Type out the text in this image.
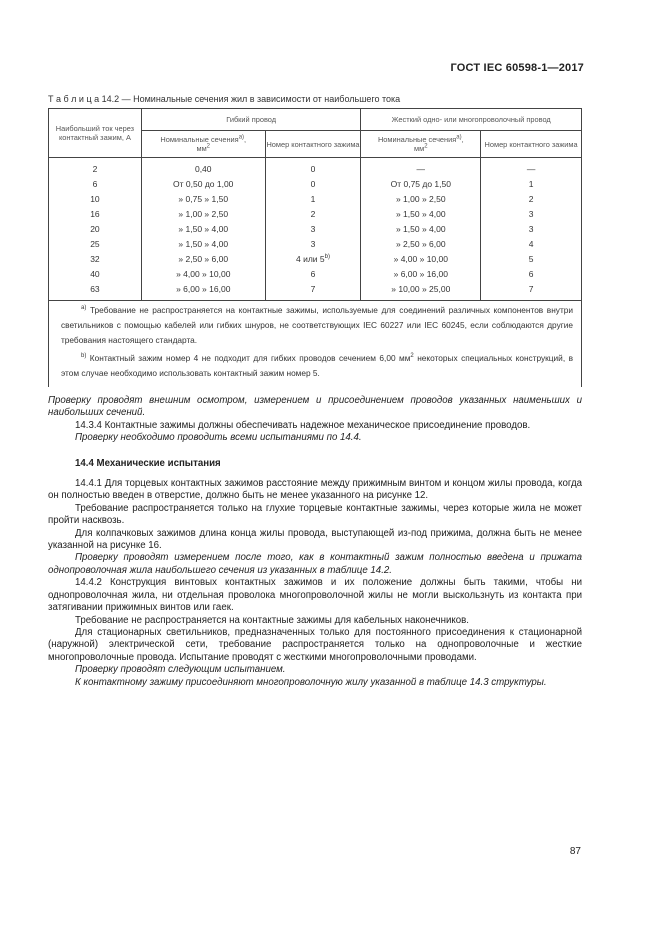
ГОСТ IEC 60598-1—2017
Т а б л и ц а 14.2 — Номинальные сечения жил в зависимости от наибольшего тока
Наибольший ток через контактный зажим, А	Гибкий провод		Жесткий одно- или многопроволочный провод	
	Номинальные сечения$^{а)}$,
$мм^2$	Номер контактного зажима	Номинальные сечения$^{а)}$,
$мм^2$	Номер контактного зажима
2	0,40	0	—	—
6	От 0,50 до 1,00	0	От 0,75 до 1,50	1
10	» 0,75 » 1,50	1	» 1,00 » 2,50	2
16	» 1,00 » 2,50	2	» 1,50 » 4,00	3
20	» 1,50 » 4,00	3	» 1,50 » 4,00	3
25	» 1,50 » 4,00	3	» 2,50 » 6,00	4
32	» 2,50 » 6,00	4 или 5$^{b)}$	» 4,00 » 10,00	5
40	» 4,00 » 10,00	6	» 6,00 » 16,00	6
63	» 6,00 » 16,00	7	» 10,00 » 25,00	7

$^{а)}$ Требование не распространяется на контактные зажимы, используемые для соединений различных компонентов внутри светильников с помощью кабелей или гибких шнуров, не соответствующих IEC 60227 или IEC 60245, если соблюдаются другие требования настоящего стандарта.

$^{b)}$ Контактный зажим номер 4 не подходит для гибких проводов сечением 6,00 $мм^2$ некоторых специальных конструкций, в этом случае необходимо использовать контактный зажим номер 5.				

Проверку проводят внешним осмотром, измерением и присоединением проводов указанных наименьших и наибольших сечений.

14.3.4 Контактные зажимы должны обеспечивать надежное механическое присоединение проводов.

Проверку необходимо проводить всеми испытаниями по 14.4.

14.4 Механические испытания

14.4.1 Для торцевых контактных зажимов расстояние между прижимным винтом и концом жилы провода, когда он полностью введен в отверстие, должно быть не менее указанного на рисунке 12.

Требование распространяется только на глухие торцевые контактные зажимы, через которые жила не может пройти насквозь.

Для колпачковых зажимов длина конца жилы провода, выступающей из-под прижима, должна быть не менее указанной на рисунке 16.

Проверку проводят измерением после того, как в контактный зажим полностью введена и прижата однопроволочная жила наибольшего сечения из указанных в таблице 14.2.

14.4.2 Конструкция винтовых контактных зажимов и их положение должны быть такими, чтобы ни однопроволочная жила, ни отдельная проволока многопроволочной жилы не могли выскользнуть из контакта при затягивании прижимных винтов или гаек.

Требование не распространяется на контактные зажимы для кабельных наконечников.

Для стационарных светильников, предназначенных только для постоянного присоединения к стационарной (наружной) электрической сети, требование распространяется только на однопроволочные и жесткие многопроволочные провода. Испытание проводят с жесткими многопроволочными проводами.

Проверку проводят следующим испытанием.

К контактному зажиму присоединяют многопроволочную жилу указанной в таблице 14.3 структуры.

87
